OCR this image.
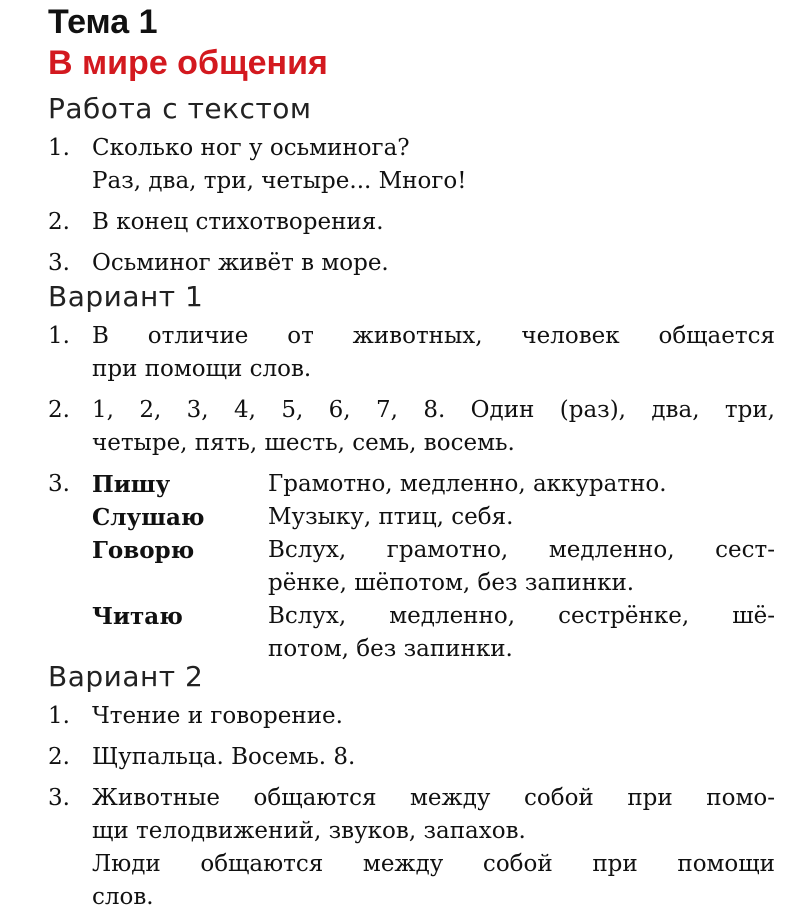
Тема 1
В мире общения
Работа с текстом
1. Сколько ног у осьминога?
Раз, два, три, четыре... Много!
2. В конец стихотворения.
3. Осьминог живёт в море.
Вариант 1
1. В отличие от животных, человек общается
при помощи слов.
2. 1, 2, 3, 4, 5, 6, 7, 8. Один (раз), два, три,
четыре, пять, шесть, семь, восемь.
3. Пишу	Грамотно, медленно, аккуратно.
Слушаю	Музыку, птиц, себя.
Говорю	Вслух, грамотно, медленно, сест-
рёнке, шёпотом, без запинки.
Читаю	Вслух, медленно, сестрёнке, шё-
потом, без запинки.
Вариант 2
1. Чтение и говорение.
2. Щупальца. Восемь. 8.
3. Животные общаются между собой при помо-
щи телодвижений, звуков, запахов.
Люди общаются между собой при помощи
слов.
